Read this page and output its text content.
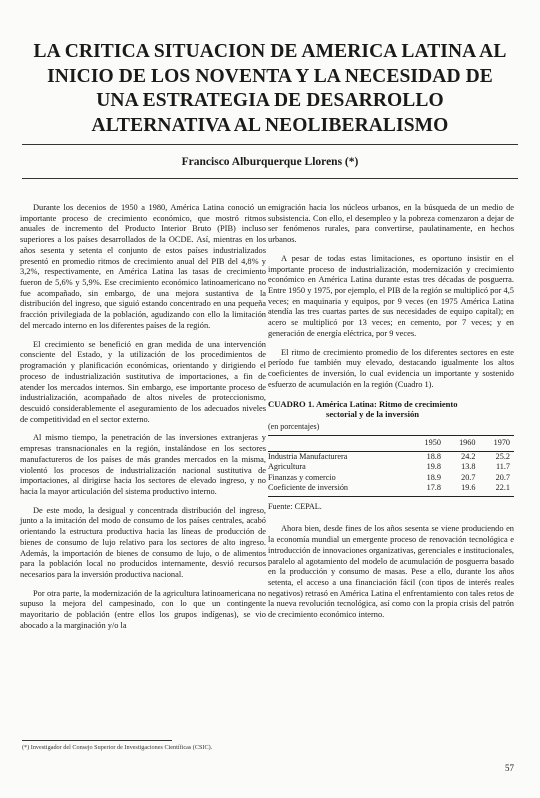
LA CRITICA SITUACION DE AMERICA LATINA AL
INICIO DE LOS NOVENTA Y LA NECESIDAD DE
UNA ESTRATEGIA DE DESARROLLO
ALTERNATIVA AL NEOLIBERALISMO
Francisco Alburquerque Llorens (*)

Durante los decenios de 1950 a 1980, América Latina conoció un importante proceso de crecimiento económico, que mostró ritmos anuales de incremento del Producto Interior Bruto (PIB) incluso superiores a los países desarrollados de la OCDE. Así, mientras en los años sesenta y setenta el conjunto de estos países industrializados presentó en promedio ritmos de crecimiento anual del PIB del 4,8% y 3,2%, respectivamente, en América Latina las tasas de crecimiento fueron de 5,6% y 5,9%. Ese crecimiento económico latinoamericano no fue acompañado, sin embargo, de una mejora sustantiva de la distribución del ingreso, que siguió estando concentrado en una pequeña fracción privilegiada de la población, agudizando con ello la limitación del mercado interno en los diferentes países de la región.

El crecimiento se benefició en gran medida de una intervención consciente del Estado, y la utilización de los procedimientos de programación y planificación económicas, orientando y dirigiendo el proceso de industrialización sustitutiva de importaciones, a fin de atender los mercados internos. Sin embargo, ese importante proceso de industrialización, acompañado de altos niveles de proteccionismo, descuidó considerablemente el aseguramiento de los adecuados niveles de competitividad en el sector externo.

Al mismo tiempo, la penetración de las inversiones extranjeras y empresas transnacionales en la región, instalándose en los sectores manufactureros de los países de más grandes mercados en la misma, violentó los procesos de industrialización nacional sustitutiva de importaciones, al dirigirse hacia los sectores de elevado ingreso, y no hacia la mayor articulación del sistema productivo interno.

De este modo, la desigual y concentrada distribución del ingreso, junto a la imitación del modo de consumo de los países centrales, acabó orientando la estructura productiva hacia las líneas de producción de bienes de consumo de lujo relativo para los sectores de alto ingreso. Además, la importación de bienes de consumo de lujo, o de alimentos para la población local no producidos internamente, desvió recursos necesarios para la inversión productiva nacional.

Por otra parte, la modernización de la agricultura latinoamericana no supuso la mejora del campesinado, con lo que un contingente mayoritario de población (entre ellos los grupos indígenas), se vio abocado a la marginación y/o la

emigración hacia los núcleos urbanos, en la búsqueda de un medio de subsistencia. Con ello, el desempleo y la pobreza comenzaron a dejar de ser fenómenos rurales, para convertirse, paulatinamente, en hechos urbanos.

A pesar de todas estas limitaciones, es oportuno insistir en el importante proceso de industrialización, modernización y crecimiento económico en América Latina durante estas tres décadas de posguerra. Entre 1950 y 1975, por ejemplo, el PIB de la región se multiplicó por 4,5 veces; en maquinaria y equipos, por 9 veces (en 1975 América Latina atendía las tres cuartas partes de sus necesidades de equipo capital); en acero se multiplicó por 13 veces; en cemento, por 7 veces; y en generación de energía eléctrica, por 9 veces.

El ritmo de crecimiento promedio de los diferentes sectores en este período fue también muy elevado, destacando igualmente los altos coeficientes de inversión, lo cual evidencia un importante y sostenido esfuerzo de acumulación en la región (Cuadro 1).

CUADRO 1. América Latina: Ritmo de crecimiento
sectorial y de la inversión
(en porcentajes)
	1950	1960	1970
Industria Manufacturera	18.8	24.2	25.2
Agricultura	19.8	13.8	11.7
Finanzas y comercio	18.9	20.7	20.7
Coeficiente de inversión	17.8	19.6	22.1
Fuente: CEPAL.

Ahora bien, desde fines de los años sesenta se viene produciendo en la economía mundial un emergente proceso de renovación tecnológica e introducción de innovaciones organizativas, gerenciales e institucionales, paralelo al agotamiento del modelo de acumulación de posguerra basado en la producción y consumo de masas. Pese a ello, durante los años setenta, el acceso a una financiación fácil (con tipos de interés reales negativos) retrasó en América Latina el enfrentamiento con tales retos de la nueva revolución tecnológica, así como con la propia crisis del patrón de crecimiento económico interno.

(*) Investigador del Consejo Superior de Investigaciones Científicas (CSIC).
57
